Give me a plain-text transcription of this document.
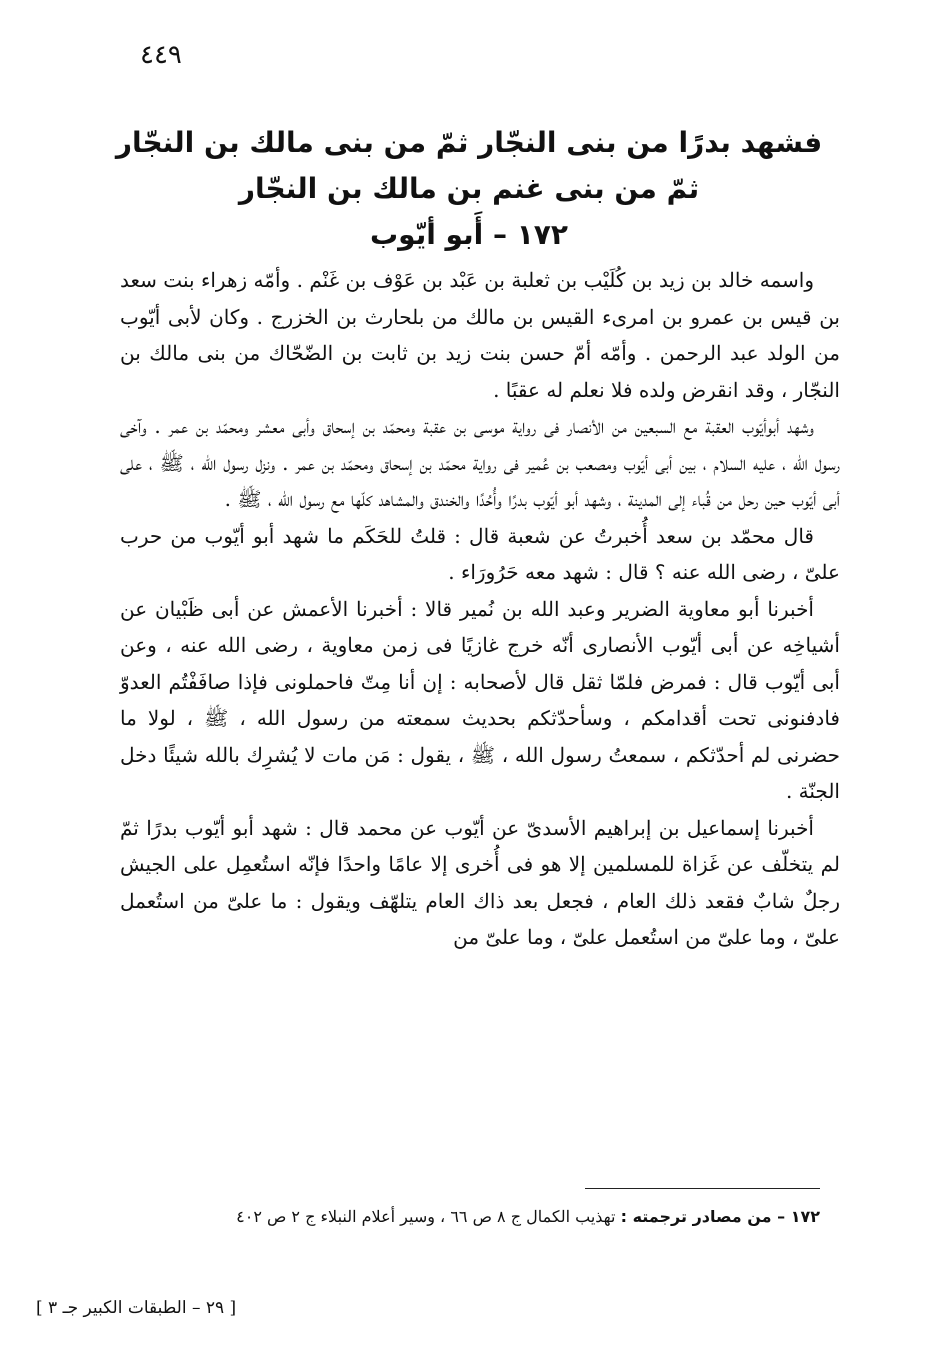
٤٤٩
فشهد بدرًا من بنى النجّار ثمّ من بنى مالك بن النجّار
ثمّ من بنى غنم بن مالك بن النجّار
١٧٢ – أَبو أيّوب

واسمه خالد بن زيد بن كُلَيْب بن ثعلبة بن عَبْد بن عَوْف بن غَنْم . وأمّه زهراء بنت سعد بن قيس بن عمرو بن امرىء القيس بن مالك من بلحارث بن الخزرج . وكان لأبى أيّوب من الولد عبد الرحمن . وأمّه أمّ حسن بنت زيد بن ثابت بن الضّحّاك من بنى مالك بن النجّار ، وقد انقرض ولده فلا نعلم له عقبًا .

وشهد أبوأيّوب العقبة مع السبعين من الأنصار فى رواية موسى بن عقبة ومحمّد بن إسحاق وأبى معشر ومحمّد بن عمر . وآخى رسول الله ، عليه السلام ، بين أبى أيّوب ومصعب بن عُمير فى رواية محمّد بن إسحاق ومحمّد بن عمر . ونزل رسول الله ، ﷺ ، على أبى أيّوب حين رحل من قُباء إلى المدينة ، وشهد أبو أيّوب بدرًا وأُحُدًا والخندق والمشاهد كلّها مع رسول الله ، ﷺ .

قال محمّد بن سعد أُخبرتُ عن شعبة قال : قلتُ للحَكَم ما شهد أبو أيّوب من حرب علىّ ، رضى الله عنه ؟ قال : شهد معه حَرُورَاء .

أخبرنا أبو معاوية الضرير وعبد الله بن نُمير قالا : أخبرنا الأعمش عن أبى ظَبْيان عن أشياخِه عن أبى أيّوب الأنصارى أنّه خرج غازيًا فى زمن معاوية ، رضى الله عنه ، وعن أبى أيّوب قال : فمرض فلمّا ثقل قال لأصحابه : إن أنا مِتّ فاحملونى فإذا صافَفْتُم العدوّ فادفنونى تحت أقدامكم ، وسأحدّثكم بحديث سمعته من رسول الله ، ﷺ ، لولا ما حضرنى لم أحدّثكم ، سمعتُ رسول الله ، ﷺ ، يقول : مَن مات لا يُشرِك بالله شيئًا دخل الجنّة .

أخبرنا إسماعيل بن إبراهيم الأسدىّ عن أيّوب عن محمد قال : شهد أبو أيّوب بدرًا ثمّ لم يتخلّف عن غَزاة للمسلمين إلا هو فى أُخرى إلا عامًا واحدًا فإنّه استُعمِل على الجيش رجلٌ شابٌ فقعد ذلك العام ، فجعل بعد ذاك العام يتلهّف ويقول : ما علىّ من استُعمل علىّ ، وما علىّ من استُعمل علىّ ، وما علىّ من

١٧٢ – من مصادر ترجمته : تهذيب الكمال ج ٨ ص ٦٦ ، وسير أعلام النبلاء ج ٢ ص ٤٠٢
[ ٢٩ – الطبقات الكبير جـ ٣ ]
